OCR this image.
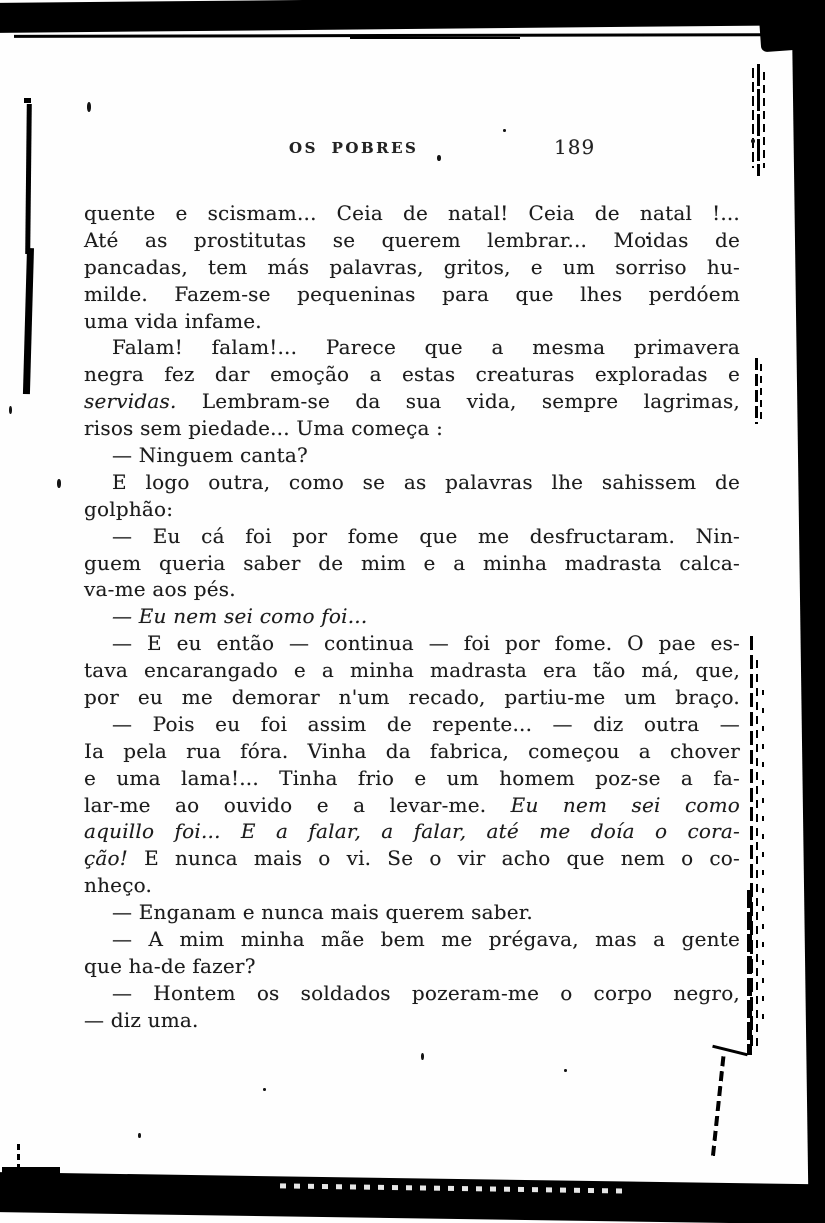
OS POBRES	189
quente e scismam... Ceia de natal! Ceia de natal !...
Até as prostitutas se querem lembrar... Moidas de
pancadas, tem más palavras, gritos, e um sorriso hu-
milde. Fazem-se pequeninas para que lhes perdóem
uma vida infame.
Falam! falam!... Parece que a mesma primavera
negra fez dar emoção a estas creaturas exploradas e
servidas. Lembram-se da sua vida, sempre lagrimas,
risos sem piedade... Uma começa :
— Ninguem canta?
E logo outra, como se as palavras lhe sahissem de
golphão:
— Eu cá foi por fome que me desfructaram. Nin-
guem queria saber de mim e a minha madrasta calca-
va-me aos pés.
— Eu nem sei como foi...
— E eu então — continua — foi por fome. O pae es-
tava encarangado e a minha madrasta era tão má, que,
por eu me demorar n'um recado, partiu-me um braço.
— Pois eu foi assim de repente... — diz outra —
Ia pela rua fóra. Vinha da fabrica, começou a chover
e uma lama!... Tinha frio e um homem poz-se a fa-
lar-me ao ouvido e a levar-me. Eu nem sei como
aquillo foi... E a falar, a falar, até me doía o cora-
ção! E nunca mais o vi. Se o vir acho que nem o co-
nheço.
— Enganam e nunca mais querem saber.
— A mim minha mãe bem me prégava, mas a gente
que ha-de fazer?
— Hontem os soldados pozeram-me o corpo negro,
— diz uma.
